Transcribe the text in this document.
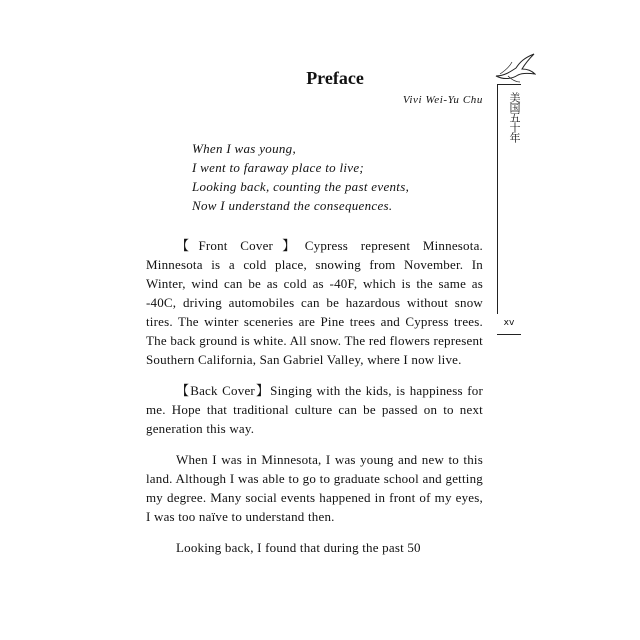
Preface
Vivi Wei-Yu Chu
When I was young,
I went to faraway place to live;
Looking back, counting the past events,
Now I understand the consequences.

【Front Cover】Cypress represent Minnesota. Minnesota is a cold place, snowing from November. In Winter, wind can be as cold as -40F, which is the same as -40C, driving automobiles can be hazardous without snow tires. The winter sceneries are Pine trees and Cypress trees. The back ground is white. All snow. The red flowers represent Southern California, San Gabriel Valley, where I now live.

【Back Cover】Singing with the kids, is happiness for me. Hope that traditional culture can be passed on to next generation this way.

When I was in Minnesota, I was young and new to this land. Although I was able to go to graduate school and getting my degree. Many social events happened in front of my eyes, I was too naïve to understand then.

Looking back, I found that during the past 50

美国五十年
xv
